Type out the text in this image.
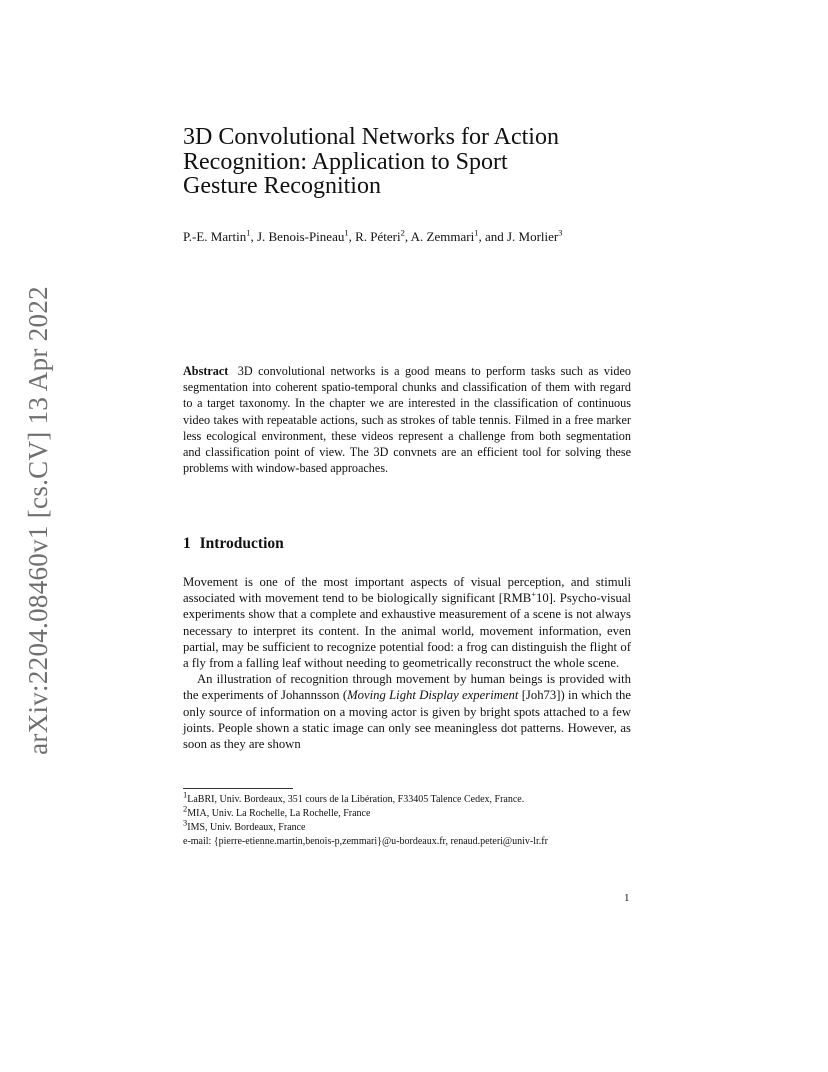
arXiv:2204.08460v1 [cs.CV] 13 Apr 2022
3D Convolutional Networks for Action
Recognition: Application to Sport
Gesture Recognition
P.-E. Martin$^1$, J. Benois-Pineau$^1$, R. Péteri$^2$, A. Zemmari$^1$, and J. Morlier$^3$
Abstract 3D convolutional networks is a good means to perform tasks such as video segmentation into coherent spatio-temporal chunks and classification of them with regard to a target taxonomy. In the chapter we are interested in the classification of continuous video takes with repeatable actions, such as strokes of table tennis. Filmed in a free marker less ecological environment, these videos represent a challenge from both segmentation and classification point of view. The 3D convnets are an efficient tool for solving these problems with window-based approaches.
1 Introduction

Movement is one of the most important aspects of visual perception, and stimuli associated with movement tend to be biologically significant [RMB+10]. Psycho-visual experiments show that a complete and exhaustive measurement of a scene is not always necessary to interpret its content. In the animal world, movement information, even partial, may be sufficient to recognize potential food: a frog can distinguish the flight of a fly from a falling leaf without needing to geometrically reconstruct the whole scene.

An illustration of recognition through movement by human beings is provided with the experiments of Johannsson (Moving Light Display experiment [Joh73]) in which the only source of information on a moving actor is given by bright spots attached to a few joints. People shown a static image can only see meaningless dot patterns. However, as soon as they are shown

$^1$LaBRI, Univ. Bordeaux, 351 cours de la Libération, F33405 Talence Cedex, France.
$^2$MIA, Univ. La Rochelle, La Rochelle, France
$^3$IMS, Univ. Bordeaux, France
e-mail: {pierre-etienne.martin,benois-p,zemmari}@u-bordeaux.fr, renaud.peteri@univ-lr.fr
1
